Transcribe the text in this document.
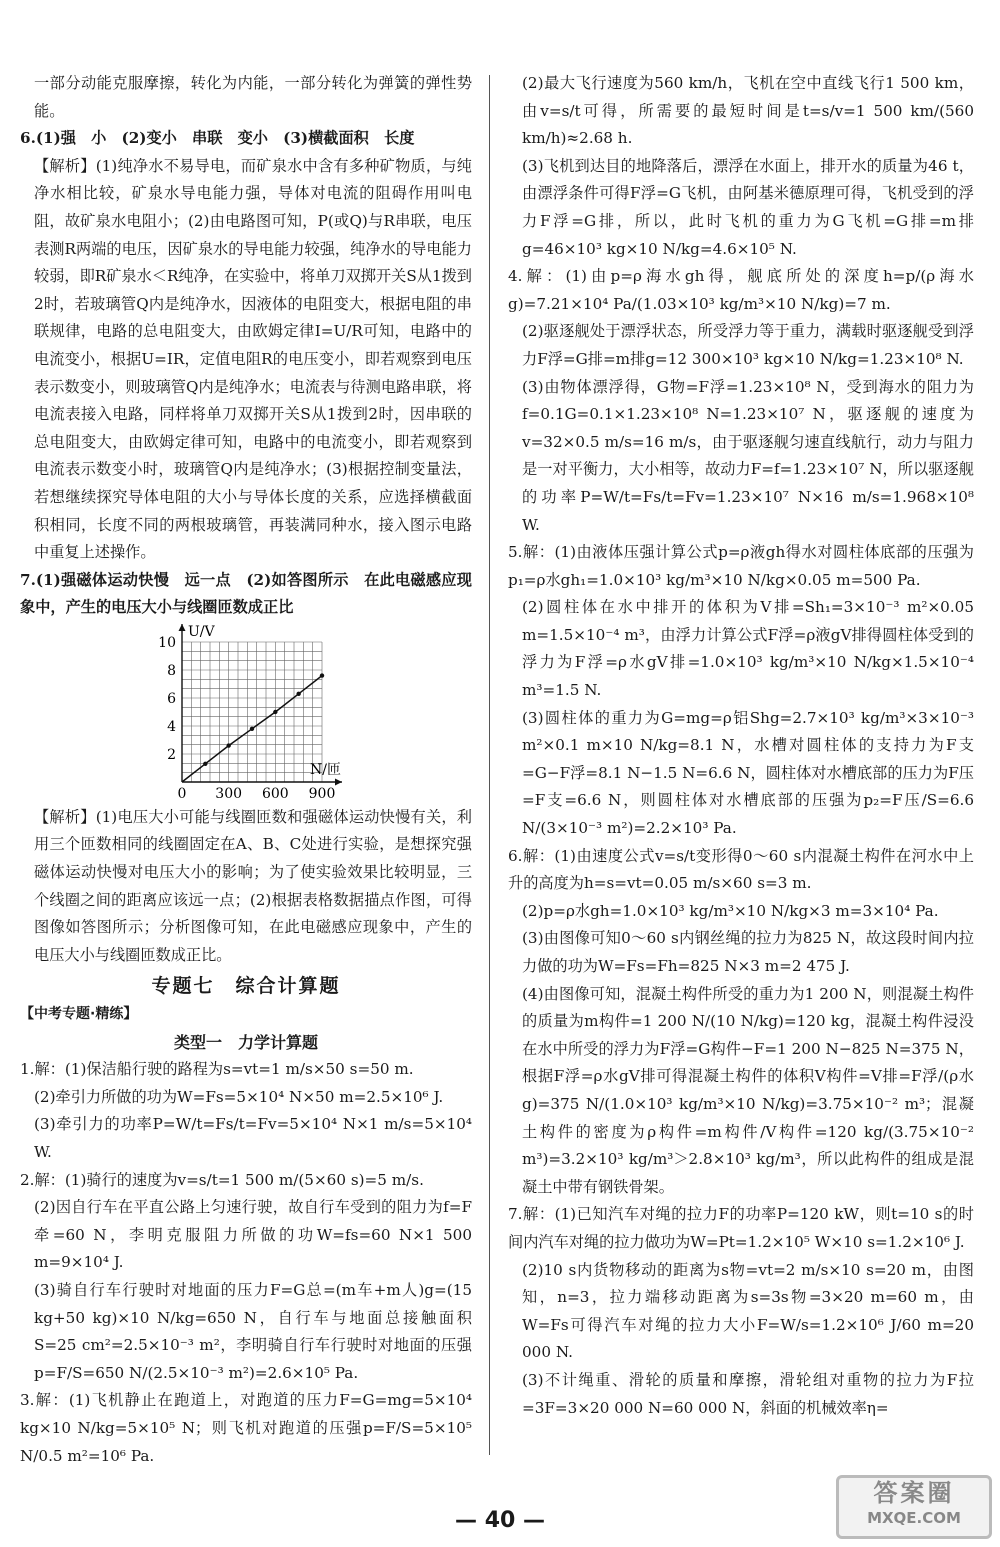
一部分动能克服摩擦，转化为内能，一部分转化为弹簧的弹性势能。

6.(1)强　小　(2)变小　串联　变小　(3)横截面积　长度

【解析】(1)纯净水不易导电，而矿泉水中含有多种矿物质，与纯净水相比较，矿泉水导电能力强，导体对电流的阻碍作用叫电阻，故矿泉水电阻小；(2)由电路图可知，P(或Q)与R串联，电压表测R两端的电压，因矿泉水的导电能力较强，纯净水的导电能力较弱，即R矿泉水＜R纯净，在实验中，将单刀双掷开关S从1拨到2时，若玻璃管Q内是纯净水，因液体的电阻变大，根据电阻的串联规律，电路的总电阻变大，由欧姆定律I=U/R可知，电路中的电流变小，根据U=IR，定值电阻R的电压变小，即若观察到电压表示数变小，则玻璃管Q内是纯净水；电流表与待测电路串联，将电流表接入电路，同样将单刀双掷开关S从1拨到2时，因串联的总电阻变大，由欧姆定律可知，电路中的电流变小，即若观察到电流表示数变小时，玻璃管Q内是纯净水；(3)根据控制变量法，若想继续探究导体电阻的大小与导体长度的关系，应选择横截面积相同，长度不同的两根玻璃管，再装满同种水，接入图示电路中重复上述操作。

7.(1)强磁体运动快慢　远一点　(2)如答图所示　在此电磁感应现象中，产生的电压大小与线圈匝数成正比

0 300 600 900
2
4
6
8
10
U/V
N/匝

【解析】(1)电压大小可能与线圈匝数和强磁体运动快慢有关，利用三个匝数相同的线圈固定在A、B、C处进行实验，是想探究强磁体运动快慢对电压大小的影响；为了使实验效果比较明显，三个线圈之间的距离应该远一点；(2)根据表格数据描点作图，可得图像如答图所示；分析图像可知，在此电磁感应现象中，产生的电压大小与线圈匝数成正比。

专题七　综合计算题

【中考专题·精练】
类型一　力学计算题

1.解：(1)保洁船行驶的路程为s=vt=1 m/s×50 s=50 m.

(2)牵引力所做的功为W=Fs=5×10⁴ N×50 m=2.5×10⁶ J.

(3)牵引力的功率P=W/t=Fs/t=Fv=5×10⁴ N×1 m/s=5×10⁴ W.

2.解：(1)骑行的速度为v=s/t=1 500 m/(5×60 s)=5 m/s.

(2)因自行车在平直公路上匀速行驶，故自行车受到的阻力为f=F牵=60 N，李明克服阻力所做的功W=fs=60 N×1 500 m=9×10⁴ J.

(3)骑自行车行驶时对地面的压力F=G总=(m车+m人)g=(15 kg+50 kg)×10 N/kg=650 N，自行车与地面总接触面积S=25 cm²=2.5×10⁻³ m²，李明骑自行车行驶时对地面的压强p=F/S=650 N/(2.5×10⁻³ m²)=2.6×10⁵ Pa.

3.解：(1)飞机静止在跑道上，对跑道的压力F=G=mg=5×10⁴ kg×10 N/kg=5×10⁵ N；则飞机对跑道的压强p=F/S=5×10⁵ N/0.5 m²=10⁶ Pa.

(2)最大飞行速度为560 km/h，飞机在空中直线飞行1 500 km，由v=s/t可得，所需要的最短时间是t=s/v=1 500 km/(560 km/h)≈2.68 h.

(3)飞机到达目的地降落后，漂浮在水面上，排开水的质量为46 t，由漂浮条件可得F浮=G飞机，由阿基米德原理可得，飞机受到的浮力F浮=G排，所以，此时飞机的重力为G飞机=G排=m排g=46×10³ kg×10 N/kg=4.6×10⁵ N.

4.解：(1)由p=ρ海水gh得，舰底所处的深度h=p/(ρ海水g)=7.21×10⁴ Pa/(1.03×10³ kg/m³×10 N/kg)=7 m.

(2)驱逐舰处于漂浮状态，所受浮力等于重力，满载时驱逐舰受到浮力F浮=G排=m排g=12 300×10³ kg×10 N/kg=1.23×10⁸ N.

(3)由物体漂浮得，G物=F浮=1.23×10⁸ N，受到海水的阻力为f=0.1G=0.1×1.23×10⁸ N=1.23×10⁷ N，驱逐舰的速度为v=32×0.5 m/s=16 m/s，由于驱逐舰匀速直线航行，动力与阻力是一对平衡力，大小相等，故动力F=f=1.23×10⁷ N，所以驱逐舰的功率P=W/t=Fs/t=Fv=1.23×10⁷ N×16 m/s=1.968×10⁸ W.

5.解：(1)由液体压强计算公式p=ρ液gh得水对圆柱体底部的压强为p₁=ρ水gh₁=1.0×10³ kg/m³×10 N/kg×0.05 m=500 Pa.

(2)圆柱体在水中排开的体积为V排=Sh₁=3×10⁻³ m²×0.05 m=1.5×10⁻⁴ m³，由浮力计算公式F浮=ρ液gV排得圆柱体受到的浮力为F浮=ρ水gV排=1.0×10³ kg/m³×10 N/kg×1.5×10⁻⁴ m³=1.5 N.

(3)圆柱体的重力为G=mg=ρ铝Shg=2.7×10³ kg/m³×3×10⁻³ m²×0.1 m×10 N/kg=8.1 N，水槽对圆柱体的支持力为F支=G−F浮=8.1 N−1.5 N=6.6 N，圆柱体对水槽底部的压力为F压=F支=6.6 N，则圆柱体对水槽底部的压强为p₂=F压/S=6.6 N/(3×10⁻³ m²)=2.2×10³ Pa.

6.解：(1)由速度公式v=s/t变形得0～60 s内混凝土构件在河水中上升的高度为h=s=vt=0.05 m/s×60 s=3 m.

(2)p=ρ水gh=1.0×10³ kg/m³×10 N/kg×3 m=3×10⁴ Pa.

(3)由图像可知0～60 s内钢丝绳的拉力为825 N，故这段时间内拉力做的功为W=Fs=Fh=825 N×3 m=2 475 J.

(4)由图像可知，混凝土构件所受的重力为1 200 N，则混凝土构件的质量为m构件=1 200 N/(10 N/kg)=120 kg，混凝土构件浸没在水中所受的浮力为F浮=G构件−F=1 200 N−825 N=375 N，根据F浮=ρ水gV排可得混凝土构件的体积V构件=V排=F浮/(ρ水g)=375 N/(1.0×10³ kg/m³×10 N/kg)=3.75×10⁻² m³；混凝土构件的密度为ρ构件=m构件/V构件=120 kg/(3.75×10⁻² m³)=3.2×10³ kg/m³＞2.8×10³ kg/m³，所以此构件的组成是混凝土中带有钢铁骨架。

7.解：(1)已知汽车对绳的拉力F的功率P=120 kW，则t=10 s的时间内汽车对绳的拉力做功为W=Pt=1.2×10⁵ W×10 s=1.2×10⁶ J.

(2)10 s内货物移动的距离为s物=vt=2 m/s×10 s=20 m，由图知，n=3，拉力端移动距离为s=3s物=3×20 m=60 m，由W=Fs可得汽车对绳的拉力大小F=W/s=1.2×10⁶ J/60 m=20 000 N.

(3)不计绳重、滑轮的质量和摩擦，滑轮组对重物的拉力为F拉=3F=3×20 000 N=60 000 N，斜面的机械效率η=

— 40 —
答案圈
MXQE.COM
